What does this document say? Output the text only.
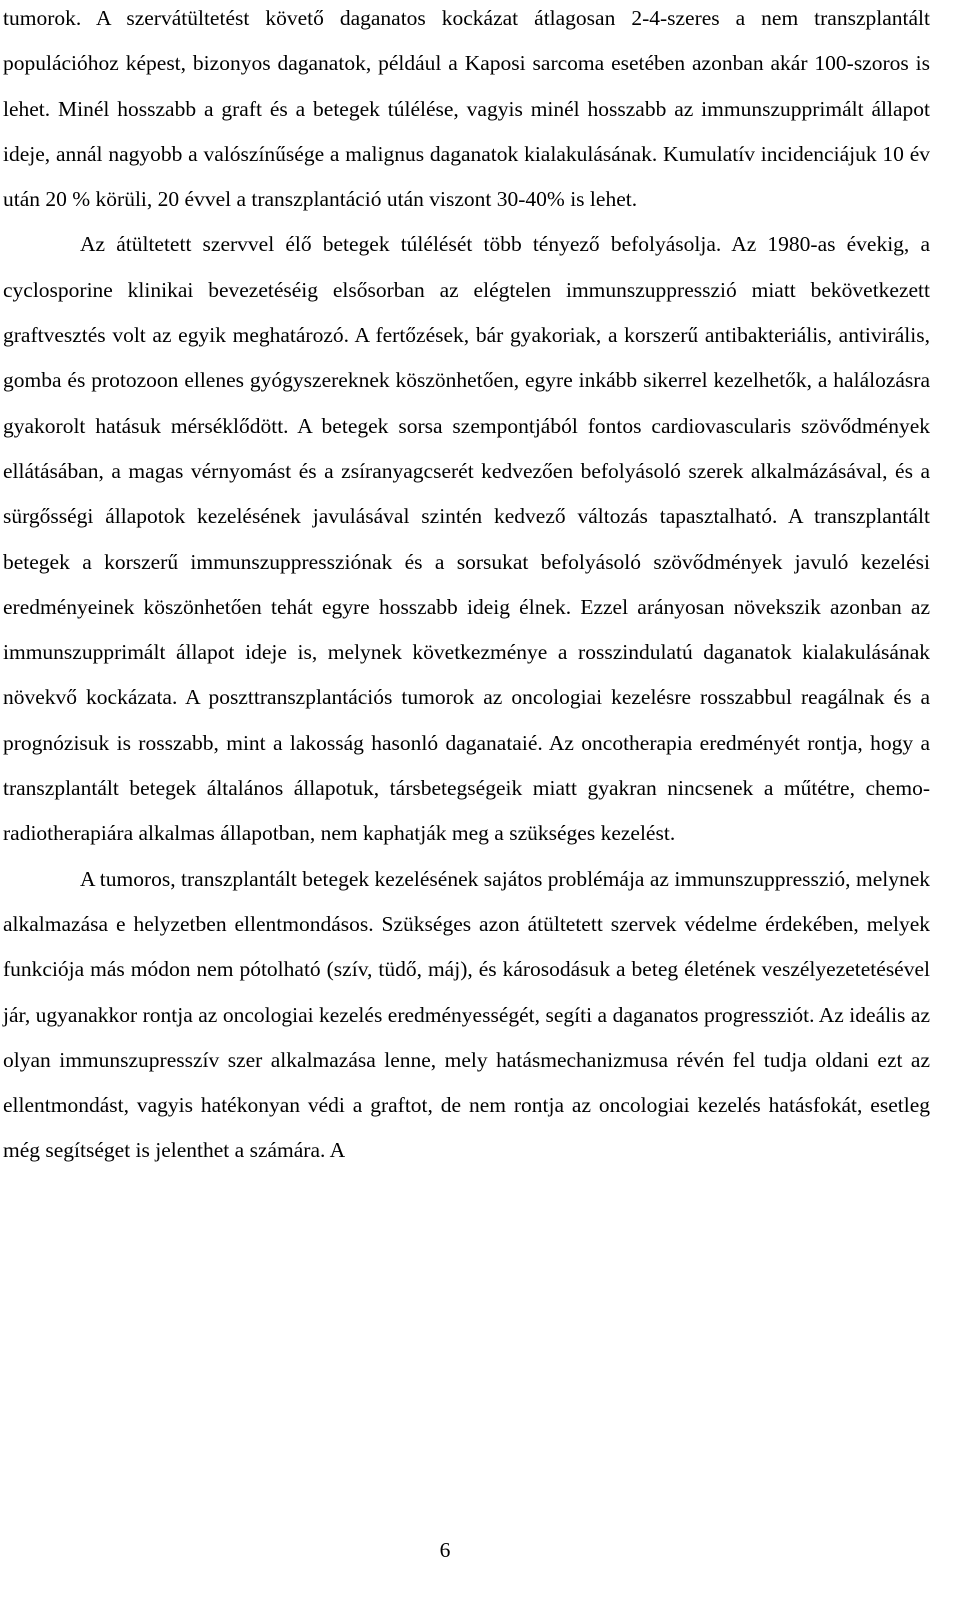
tumorok. A szervátültetést követő daganatos kockázat átlagosan 2-4-szeres a nem transzplantált populációhoz képest, bizonyos daganatok, például a Kaposi sarcoma esetében azonban akár 100-szoros is lehet. Minél hosszabb a graft és a betegek túlélése, vagyis minél hosszabb az immunszupprimált állapot ideje, annál nagyobb a valószínűsége a malignus daganatok kialakulásának. Kumulatív incidenciájuk 10 év után 20 % körüli, 20 évvel a transzplantáció után viszont 30-40% is lehet.

Az átültetett szervvel élő betegek túlélését több tényező befolyásolja. Az 1980-as évekig, a cyclosporine klinikai bevezetéséig elsősorban az elégtelen immunszuppresszió miatt bekövetkezett graftvesztés volt az egyik meghatározó. A fertőzések, bár gyakoriak, a korszerű antibakteriális, antivirális, gomba és protozoon ellenes gyógyszereknek köszönhetően, egyre inkább sikerrel kezelhetők, a halálozásra gyakorolt hatásuk mérséklődött. A betegek sorsa szempontjából fontos cardiovascularis szövődmények ellátásában, a magas vérnyomást és a zsíranyagcserét kedvezően befolyásoló szerek alkalmázásával, és a sürgősségi állapotok kezelésének javulásával szintén kedvező változás tapasztalható. A transzplantált betegek a korszerű immunszuppressziónak és a sorsukat befolyásoló szövődmények javuló kezelési eredményeinek köszönhetően tehát egyre hosszabb ideig élnek. Ezzel arányosan növekszik azonban az immunszupprimált állapot ideje is, melynek következménye a rosszindulatú daganatok kialakulásának növekvő kockázata. A poszttranszplantációs tumorok az oncologiai kezelésre rosszabbul reagálnak és a prognózisuk is rosszabb, mint a lakosság hasonló daganataié. Az oncotherapia eredményét rontja, hogy a transzplantált betegek általános állapotuk, társbetegségeik miatt gyakran nincsenek a műtétre, chemo-radiotherapiára alkalmas állapotban, nem kaphatják meg a szükséges kezelést.

A tumoros, transzplantált betegek kezelésének sajátos problémája az immunszuppresszió, melynek alkalmazása e helyzetben ellentmondásos. Szükséges azon átültetett szervek védelme érdekében, melyek funkciója más módon nem pótolható (szív, tüdő, máj), és károsodásuk a beteg életének veszélyezetetésével jár, ugyanakkor rontja az oncologiai kezelés eredményességét, segíti a daganatos progressziót. Az ideális az olyan immunszupresszív szer alkalmazása lenne, mely hatásmechanizmusa révén fel tudja oldani ezt az ellentmondást, vagyis hatékonyan védi a graftot, de nem rontja az oncologiai kezelés hatásfokát, esetleg még segítséget is jelenthet a számára. A

6
